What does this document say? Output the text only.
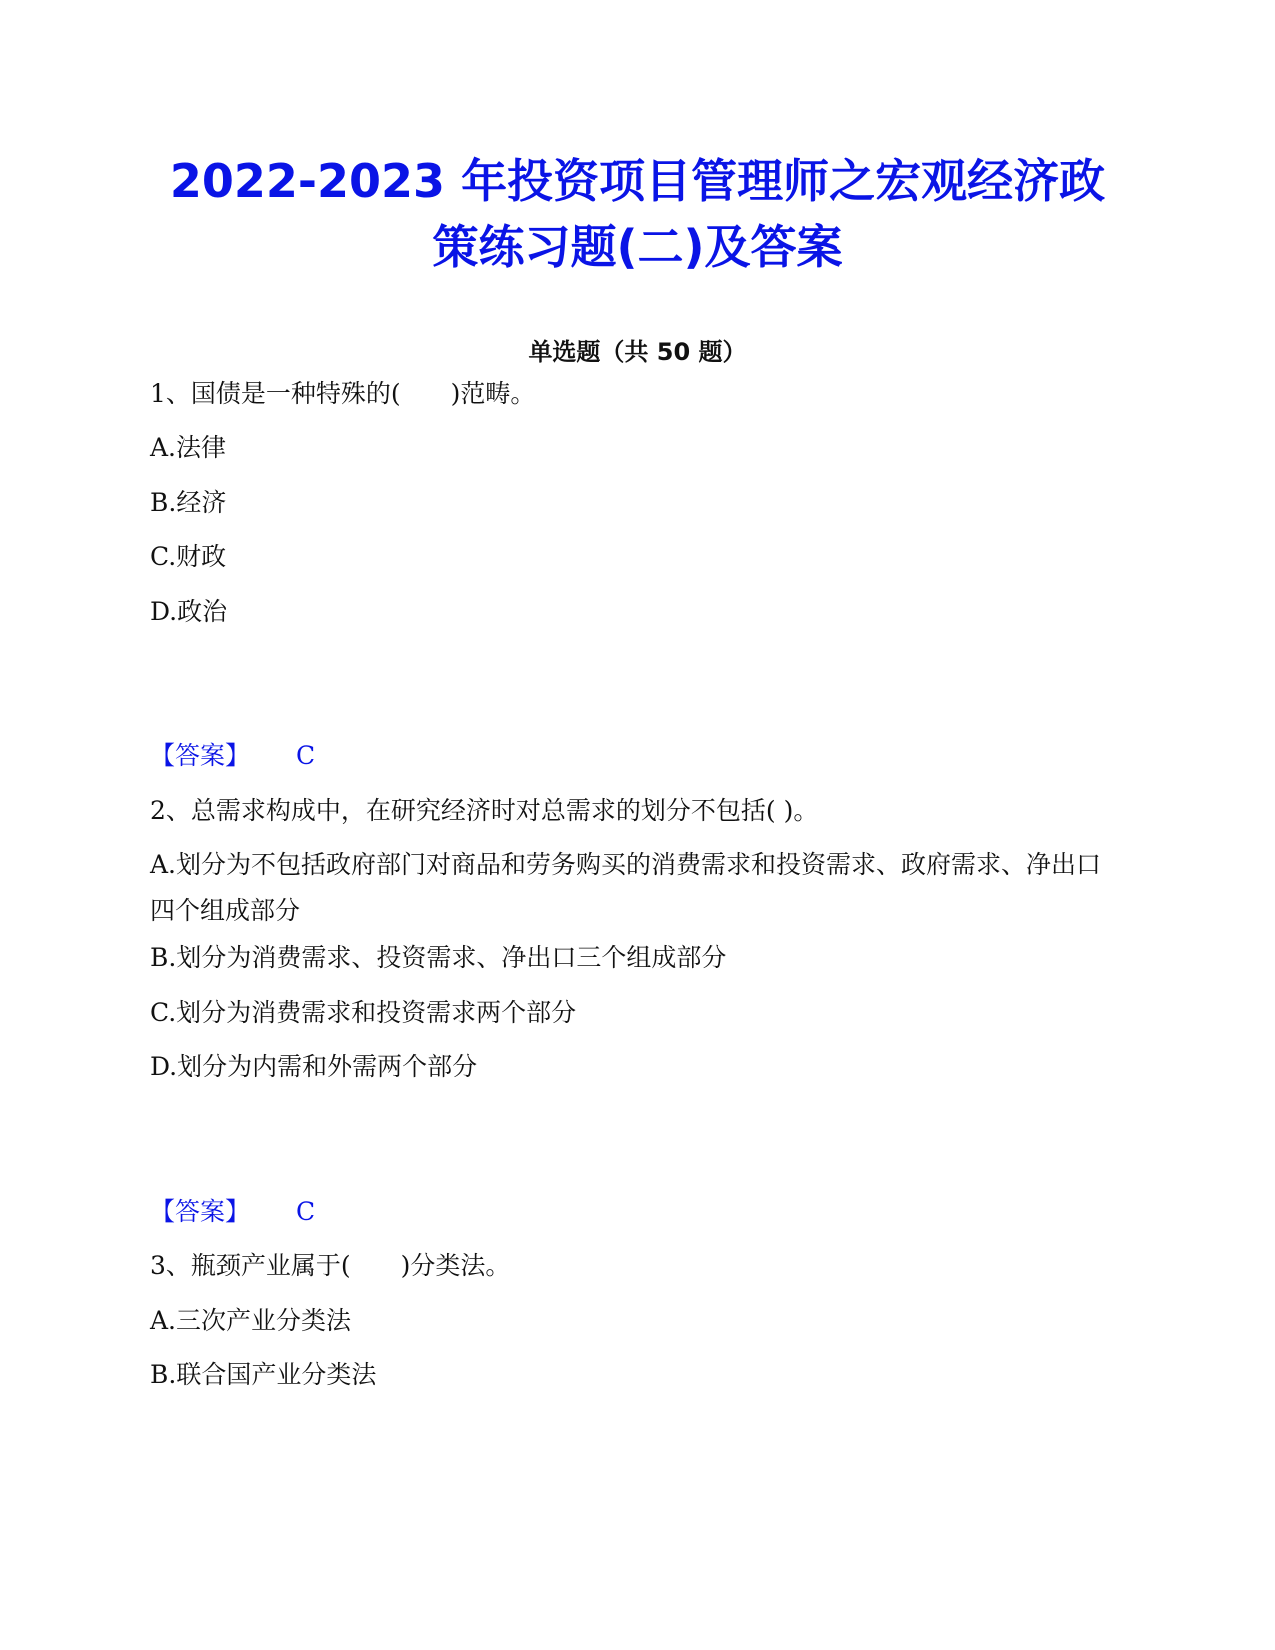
2022-2023 年投资项目管理师之宏观经济政
策练习题(二)及答案
单选题（共 50 题）

1、国债是一种特殊的(　　)范畴。

A.法律

B.经济

C.财政

D.政治

【答案】 C

2、总需求构成中，在研究经济时对总需求的划分不包括( )。

A.划分为不包括政府部门对商品和劳务购买的消费需求和投资需求、政府需求、净出口四个组成部分

B.划分为消费需求、投资需求、净出口三个组成部分

C.划分为消费需求和投资需求两个部分

D.划分为内需和外需两个部分

【答案】 C

3、瓶颈产业属于(　　)分类法。

A.三次产业分类法

B.联合国产业分类法
